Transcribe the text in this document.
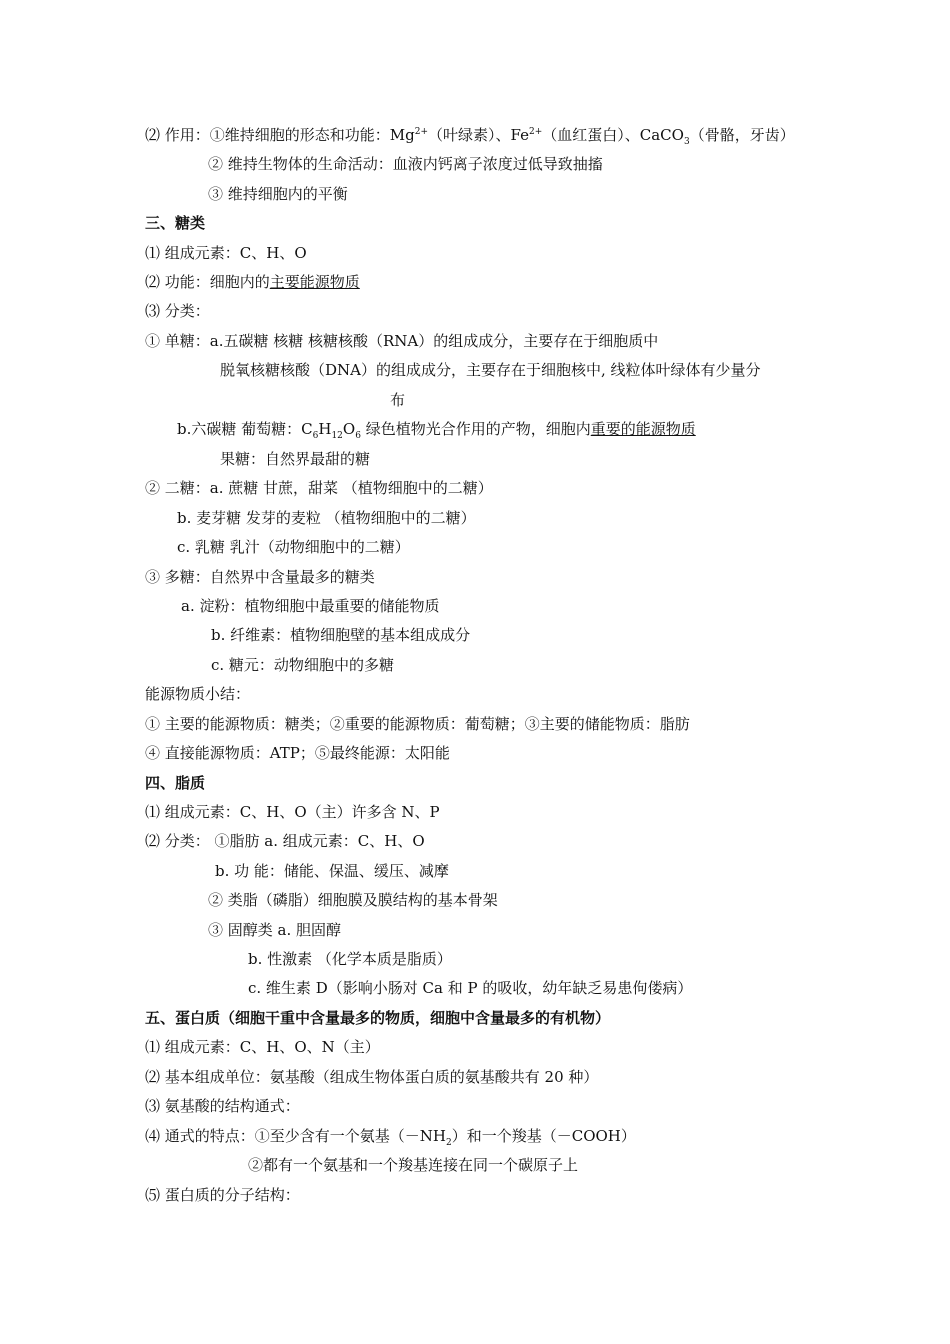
⑵ 作用：①维持细胞的形态和功能：$Mg^{2+}$（叶绿素）、$Fe^{2+}$（血红蛋白）、CaCO$_3$（骨骼，牙齿）
② 维持生物体的生命活动：血液内钙离子浓度过低导致抽搐
③ 维持细胞内的平衡
三、糖类
⑴ 组成元素：C、H、O
⑵ 功能：细胞内的主要能源物质
⑶ 分类：
① 单糖：a.五碳糖 核糖 核糖核酸（RNA）的组成成分，主要存在于细胞质中
脱氧核糖核酸（DNA）的组成成分，主要存在于细胞核中, 线粒体叶绿体有少量分
布
b.六碳糖 葡萄糖：$C_6H_{12}O_6$ 绿色植物光合作用的产物，细胞内重要的能源物质
果糖：自然界最甜的糖
② 二糖：a. 蔗糖 甘蔗，甜菜 （植物细胞中的二糖）
b. 麦芽糖 发芽的麦粒 （植物细胞中的二糖）
c. 乳糖 乳汁（动物细胞中的二糖）
③ 多糖：自然界中含量最多的糖类
a. 淀粉：植物细胞中最重要的储能物质
b. 纤维素：植物细胞壁的基本组成成分
c. 糖元：动物细胞中的多糖
能源物质小结：
① 主要的能源物质：糖类；②重要的能源物质：葡萄糖；③主要的储能物质：脂肪
④ 直接能源物质：ATP；⑤最终能源：太阳能
四、脂质
⑴ 组成元素：C、H、O（主）许多含 N、P
⑵ 分类： ①脂肪 a. 组成元素：C、H、O
b. 功 能：储能、保温、缓压、减摩
② 类脂（磷脂）细胞膜及膜结构的基本骨架
③ 固醇类 a. 胆固醇
b. 性激素 （化学本质是脂质）
c. 维生素 D（影响小肠对 Ca 和 P 的吸收，幼年缺乏易患佝偻病）
五、蛋白质（细胞干重中含量最多的物质，细胞中含量最多的有机物）
⑴ 组成元素：C、H、O、N（主）
⑵ 基本组成单位：氨基酸（组成生物体蛋白质的氨基酸共有 20 种）
⑶ 氨基酸的结构通式：
⑷ 通式的特点：①至少含有一个氨基$(-NH_2)$和一个羧基（－COOH）
②都有一个氨基和一个羧基连接在同一个碳原子上
⑸ 蛋白质的分子结构：
